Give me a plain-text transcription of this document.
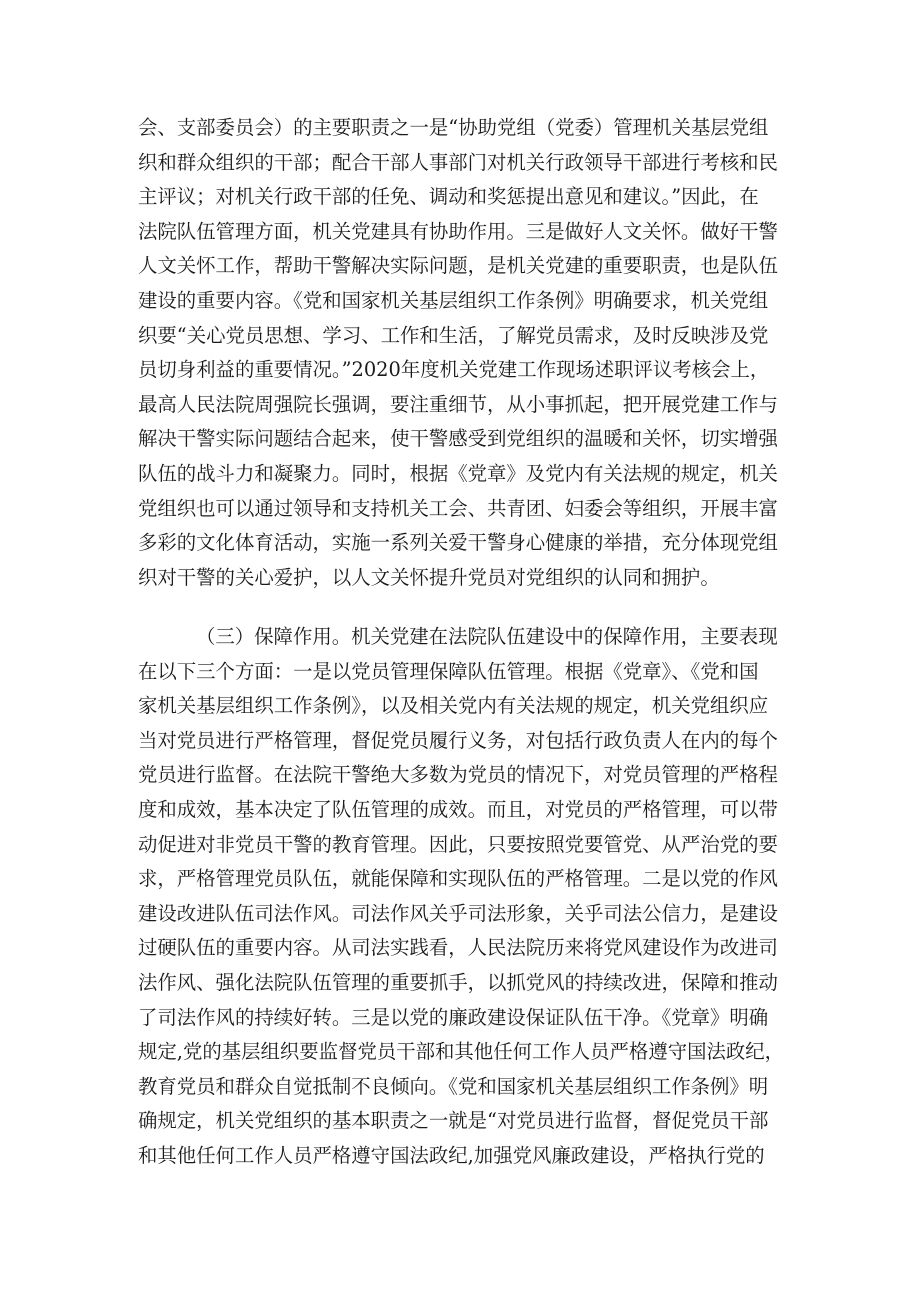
会、支部委员会）的主要职责之一是“协助党组（党委）管理机关基层党组
织和群众组织的干部；配合干部人事部门对机关行政领导干部进行考核和民
主评议；对机关行政干部的任免、调动和奖惩提出意见和建议。”因此，在
法院队伍管理方面，机关党建具有协助作用。三是做好人文关怀。做好干警
人文关怀工作，帮助干警解决实际问题，是机关党建的重要职责，也是队伍
建设的重要内容。《党和国家机关基层组织工作条例》明确要求，机关党组
织要“关心党员思想、学习、工作和生活，了解党员需求，及时反映涉及党
员切身利益的重要情况。”2020年度机关党建工作现场述职评议考核会上，
最高人民法院周强院长强调，要注重细节，从小事抓起，把开展党建工作与
解决干警实际问题结合起来，使干警感受到党组织的温暖和关怀，切实增强
队伍的战斗力和凝聚力。同时，根据《党章》及党内有关法规的规定，机关
党组织也可以通过领导和支持机关工会、共青团、妇委会等组织，开展丰富
多彩的文化体育活动，实施一系列关爱干警身心健康的举措，充分体现党组
织对干警的关心爱护，以人文关怀提升党员对党组织的认同和拥护。
（三）保障作用。机关党建在法院队伍建设中的保障作用，主要表现
在以下三个方面：一是以党员管理保障队伍管理。根据《党章》、《党和国
家机关基层组织工作条例》，以及相关党内有关法规的规定，机关党组织应
当对党员进行严格管理，督促党员履行义务，对包括行政负责人在内的每个
党员进行监督。在法院干警绝大多数为党员的情况下，对党员管理的严格程
度和成效，基本决定了队伍管理的成效。而且，对党员的严格管理，可以带
动促进对非党员干警的教育管理。因此，只要按照党要管党、从严治党的要
求，严格管理党员队伍，就能保障和实现队伍的严格管理。二是以党的作风
建设改进队伍司法作风。司法作风关乎司法形象，关乎司法公信力，是建设
过硬队伍的重要内容。从司法实践看，人民法院历来将党风建设作为改进司
法作风、强化法院队伍管理的重要抓手，以抓党风的持续改进，保障和推动
了司法作风的持续好转。三是以党的廉政建设保证队伍干净。《党章》明确
规定,党的基层组织要监督党员干部和其他任何工作人员严格遵守国法政纪，
教育党员和群众自觉抵制不良倾向。《党和国家机关基层组织工作条例》明
确规定，机关党组织的基本职责之一就是“对党员进行监督，督促党员干部
和其他任何工作人员严格遵守国法政纪,加强党风廉政建设，严格执行党的
